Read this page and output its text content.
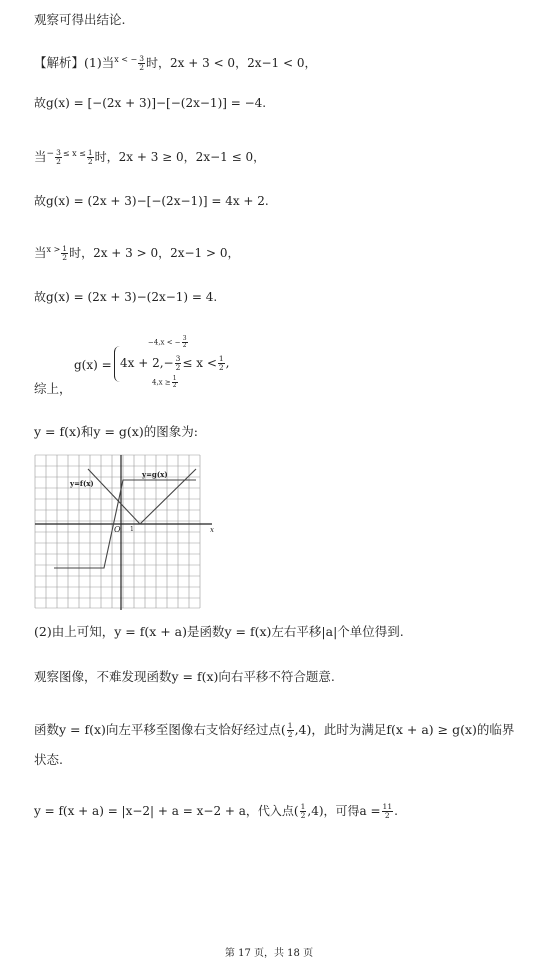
观察可得出结论.
【解析】(1)当$^{x < -} \frac{3}{2}$ 时，2x + 3 < 0，2x−1 < 0，
故g(x) = [−(2x + 3)]−[−(2x−1)] = −4.
当$^- \frac{3}{2} ^{\le x \le} \frac{1}{2}$ 时，2x + 3 ≥ 0，2x−1 ≤ 0，
故g(x) = (2x + 3)−[−(2x−1)] = 4x + 2.
当$^{x >} \frac{1}{2}$ 时，2x + 3 > 0，2x−1 > 0，
故g(x) = (2x + 3)−(2x−1) = 4.
g(x) =
−4,x < − $\frac{3}{2}$
$4x + 2,- \frac{3}{2} \le x < \frac{1}{2}$ ,
$4,x \ge \frac{1}{2}$
综上，
y = f(x)和y = g(x)的图象为:
y=f(x)
y=g(x)
O 1	x
(2)由上可知，y = f(x + a)是函数y = f(x)左右平移|a|个单位得到.
观察图像，不难发现函数y = f(x)向右平移不符合题意.
函数y = f(x)向左平移至图像右支恰好经过点( $\frac{1}{2} ,4$)，此时为满足f(x + a) ≥ g(x)的临界
状态.
y = f(x + a) = |x−2| + a = x−2 + a，代入点( $\frac{1}{2} ,4$)，可得$a = \frac{11}{2}$ .
第 17 页，共 18 页
